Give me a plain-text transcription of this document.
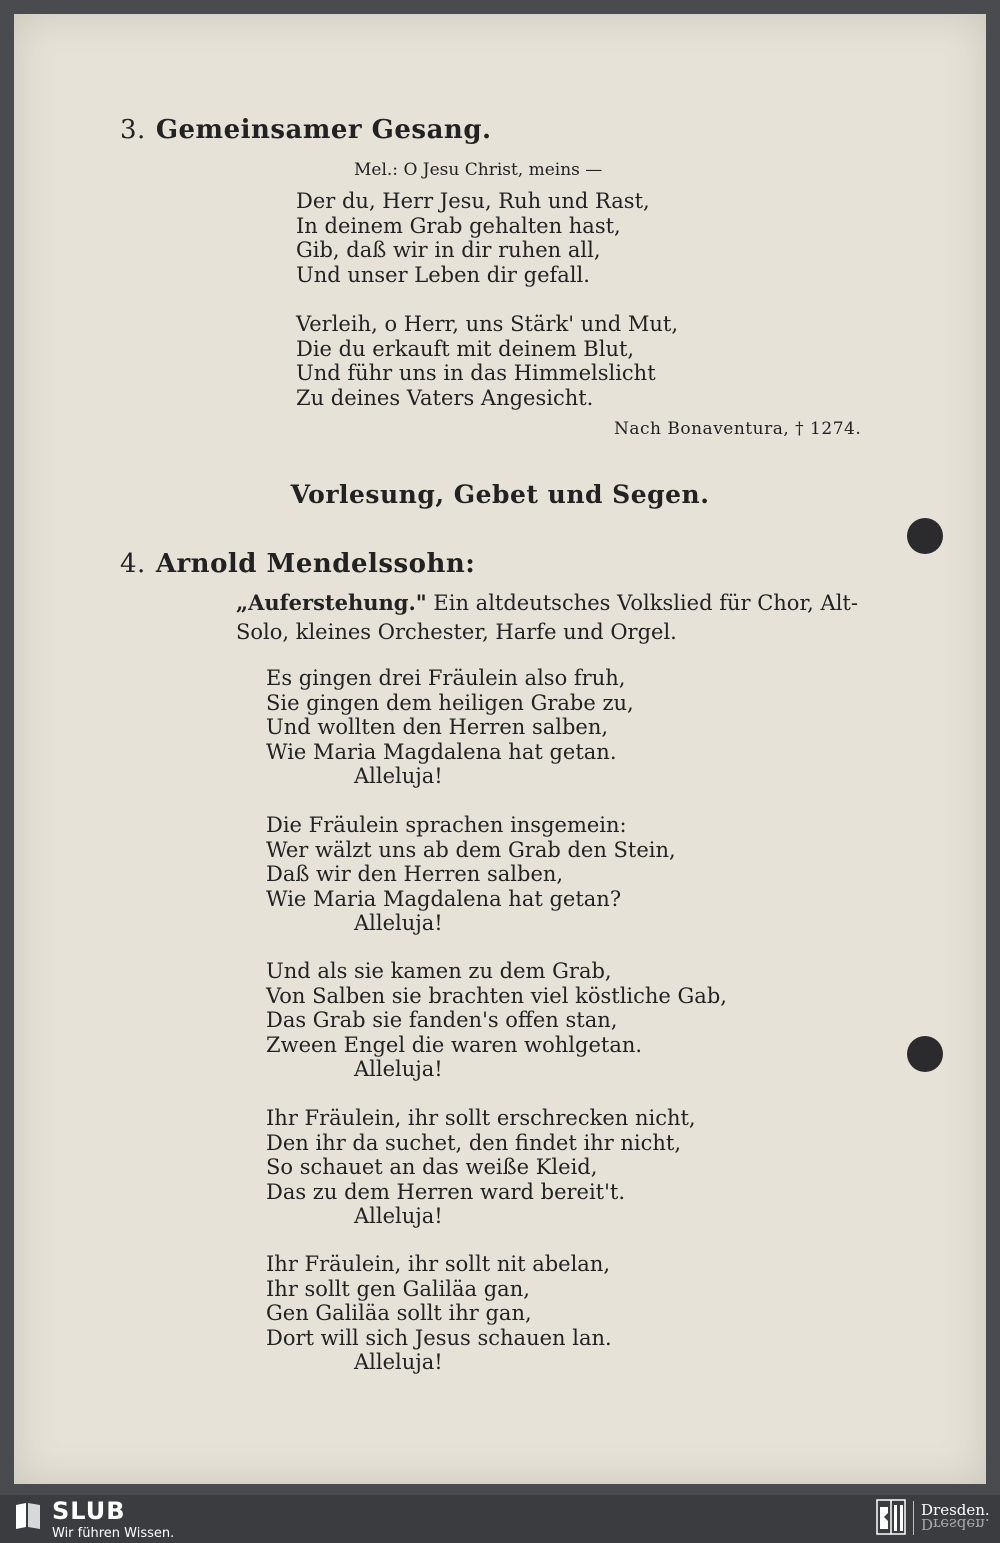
3. Gemeinsamer Gesang.
Mel.: O Jesu Christ, meins —
Der du, Herr Jesu, Ruh und Rast,
In deinem Grab gehalten hast,
Gib, daß wir in dir ruhen all,
Und unser Leben dir gefall.
Verleih, o Herr, uns Stärk' und Mut,
Die du erkauft mit deinem Blut,
Und führ uns in das Himmelslicht
Zu deines Vaters Angesicht.
Nach Bonaventura, † 1274.
Vorlesung, Gebet und Segen.
4. Arnold Mendelssohn:
„Auferstehung." Ein altdeutsches Volkslied für Chor, Alt-Solo, kleines Orchester, Harfe und Orgel.
Es gingen drei Fräulein also fruh,
Sie gingen dem heiligen Grabe zu,
Und wollten den Herren salben,
Wie Maria Magdalena hat getan.
Alleluja!
Die Fräulein sprachen insgemein:
Wer wälzt uns ab dem Grab den Stein,
Daß wir den Herren salben,
Wie Maria Magdalena hat getan?
Alleluja!
Und als sie kamen zu dem Grab,
Von Salben sie brachten viel köstliche Gab,
Das Grab sie fanden's offen stan,
Zween Engel die waren wohlgetan.
Alleluja!
Ihr Fräulein, ihr sollt erschrecken nicht,
Den ihr da suchet, den findet ihr nicht,
So schauet an das weiße Kleid,
Das zu dem Herren ward bereit't.
Alleluja!
Ihr Fräulein, ihr sollt nit abelan,
Ihr sollt gen Galiläa gan,
Gen Galiläa sollt ihr gan,
Dort will sich Jesus schauen lan.
Alleluja!
SLUB
Wir führen Wissen.
Dresden.
Dresden.
